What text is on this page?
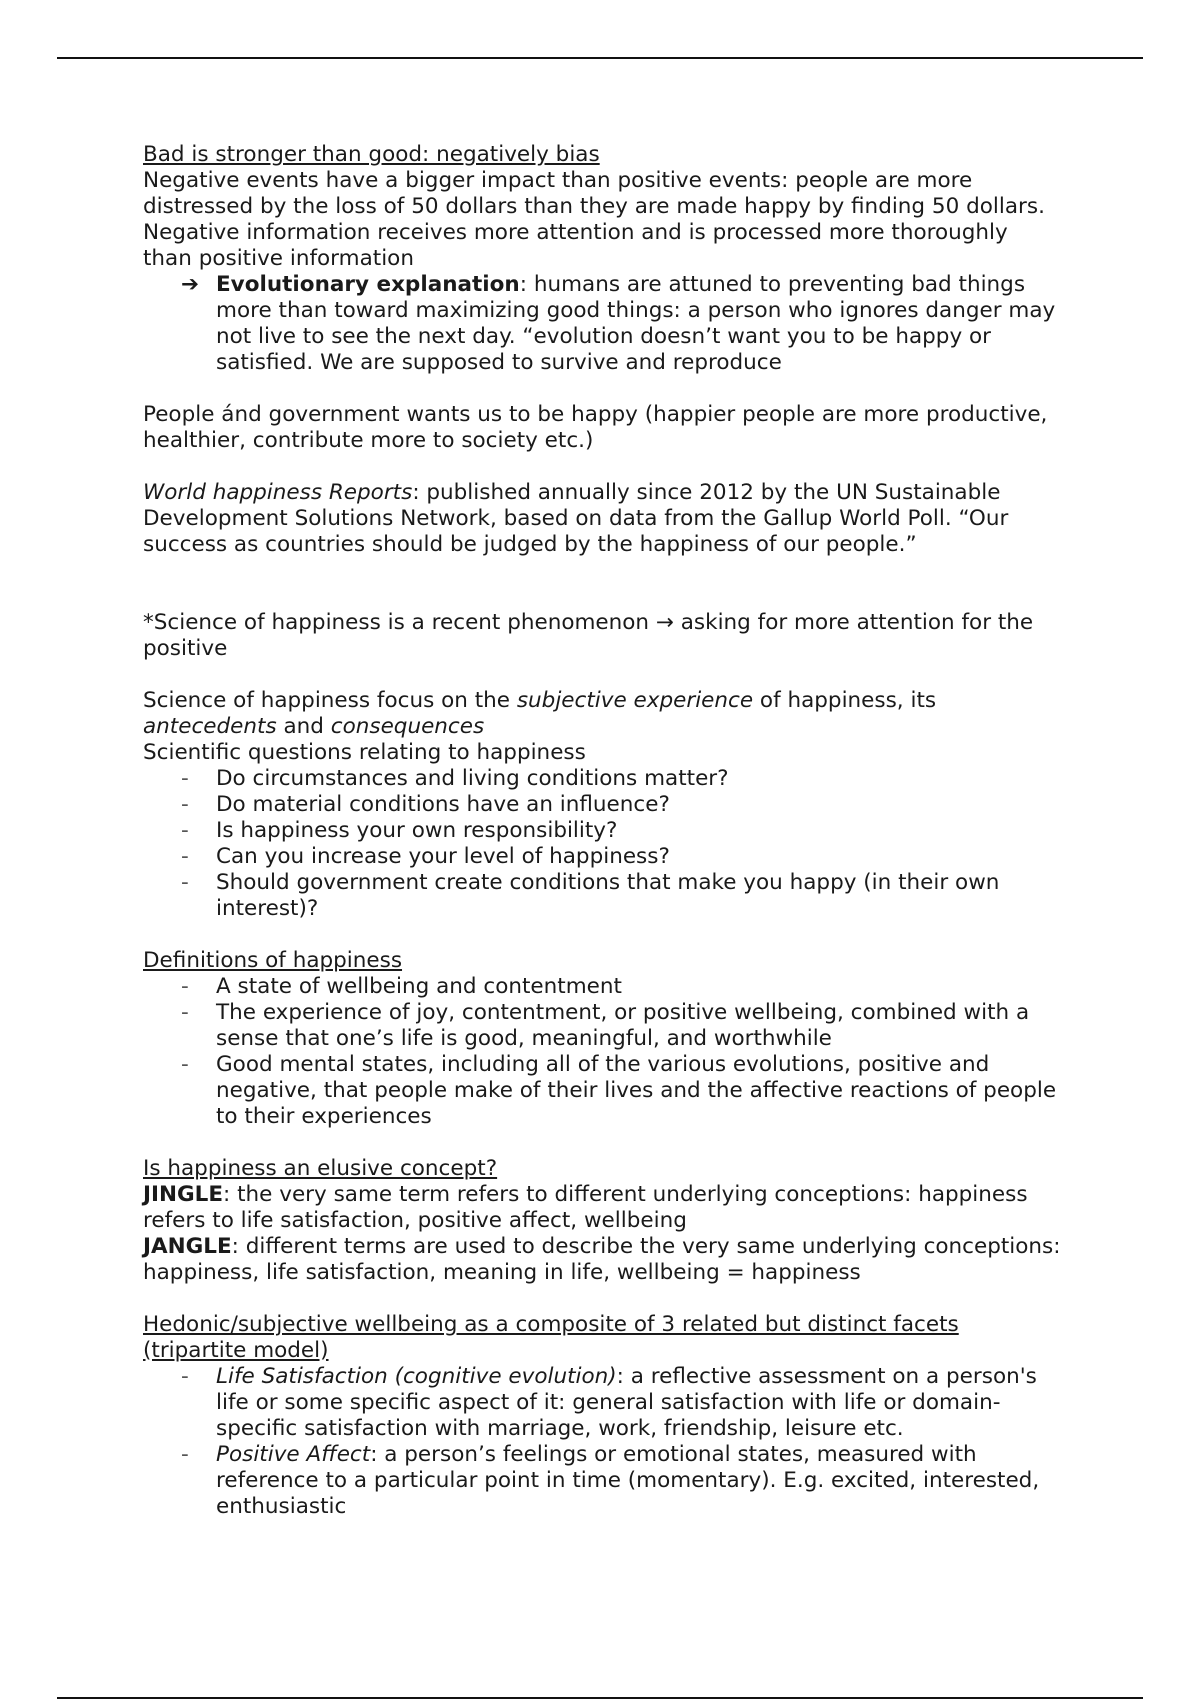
Bad is stronger than good: negatively bias

Negative events have a bigger impact than positive events: people are more distressed by the loss of 50 dollars than they are made happy by finding 50 dollars. Negative information receives more attention and is processed more thoroughly than positive information

➔ Evolutionary explanation: humans are attuned to preventing bad things more than toward maximizing good things: a person who ignores danger may not live to see the next day. “evolution doesn’t want you to be happy or satisfied. We are supposed to survive and reproduce

People ánd government wants us to be happy (happier people are more productive, healthier, contribute more to society etc.)

World happiness Reports: published annually since 2012 by the UN Sustainable Development Solutions Network, based on data from the Gallup World Poll. “Our success as countries should be judged by the happiness of our people.”

*Science of happiness is a recent phenomenon → asking for more attention for the positive

Science of happiness focus on the subjective experience of happiness, its antecedents and consequences

Scientific questions relating to happiness

- Do circumstances and living conditions matter?
- Do material conditions have an influence?
- Is happiness your own responsibility?
- Can you increase your level of happiness?
- Should government create conditions that make you happy (in their own interest)?

Definitions of happiness

- A state of wellbeing and contentment
- The experience of joy, contentment, or positive wellbeing, combined with a sense that one’s life is good, meaningful, and worthwhile
- Good mental states, including all of the various evolutions, positive and negative, that people make of their lives and the affective reactions of people to their experiences

Is happiness an elusive concept?

JINGLE: the very same term refers to different underlying conceptions: happiness refers to life satisfaction, positive affect, wellbeing

JANGLE: different terms are used to describe the very same underlying conceptions: happiness, life satisfaction, meaning in life, wellbeing = happiness

Hedonic/subjective wellbeing as a composite of 3 related but distinct facets (tripartite model)

- Life Satisfaction (cognitive evolution): a reflective assessment on a person's life or some specific aspect of it: general satisfaction with life or domain-specific satisfaction with marriage, work, friendship, leisure etc.
- Positive Affect: a person’s feelings or emotional states, measured with reference to a particular point in time (momentary). E.g. excited, interested, enthusiastic
